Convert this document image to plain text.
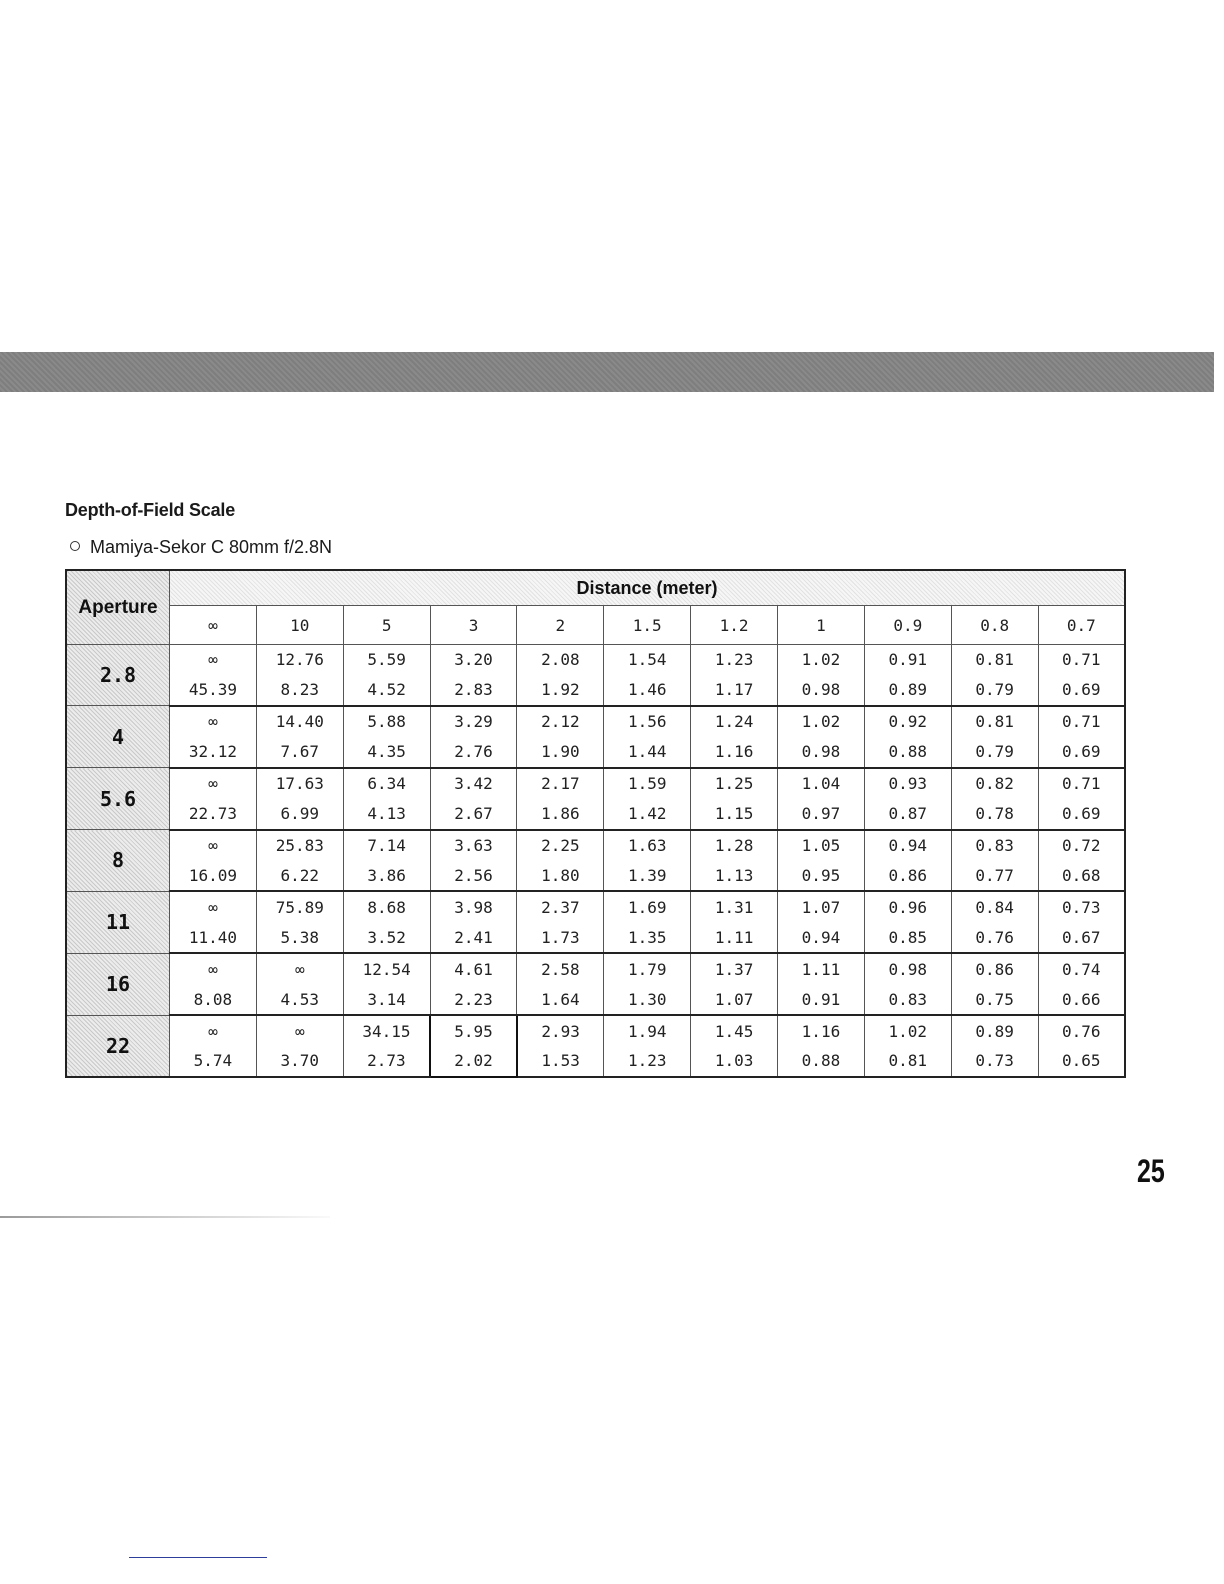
Depth-of-Field Scale
Mamiya-Sekor C 80mm f/2.8N
Aperture	Distance (meter)										
	∞	10	5	3	2	1.5	1.2	1	0.9	0.8	0.7
2.8	∞	12.76	5.59	3.20	2.08	1.54	1.23	1.02	0.91	0.81	0.71
	45.39	8.23	4.52	2.83	1.92	1.46	1.17	0.98	0.89	0.79	0.69
4	∞	14.40	5.88	3.29	2.12	1.56	1.24	1.02	0.92	0.81	0.71
	32.12	7.67	4.35	2.76	1.90	1.44	1.16	0.98	0.88	0.79	0.69
5.6	∞	17.63	6.34	3.42	2.17	1.59	1.25	1.04	0.93	0.82	0.71
	22.73	6.99	4.13	2.67	1.86	1.42	1.15	0.97	0.87	0.78	0.69
8	∞	25.83	7.14	3.63	2.25	1.63	1.28	1.05	0.94	0.83	0.72
	16.09	6.22	3.86	2.56	1.80	1.39	1.13	0.95	0.86	0.77	0.68
11	∞	75.89	8.68	3.98	2.37	1.69	1.31	1.07	0.96	0.84	0.73
	11.40	5.38	3.52	2.41	1.73	1.35	1.11	0.94	0.85	0.76	0.67
16	∞	∞	12.54	4.61	2.58	1.79	1.37	1.11	0.98	0.86	0.74
	8.08	4.53	3.14	2.23	1.64	1.30	1.07	0.91	0.83	0.75	0.66
22	∞	∞	34.15	5.95	2.93	1.94	1.45	1.16	1.02	0.89	0.76
	5.74	3.70	2.73	2.02	1.53	1.23	1.03	0.88	0.81	0.73	0.65
25
